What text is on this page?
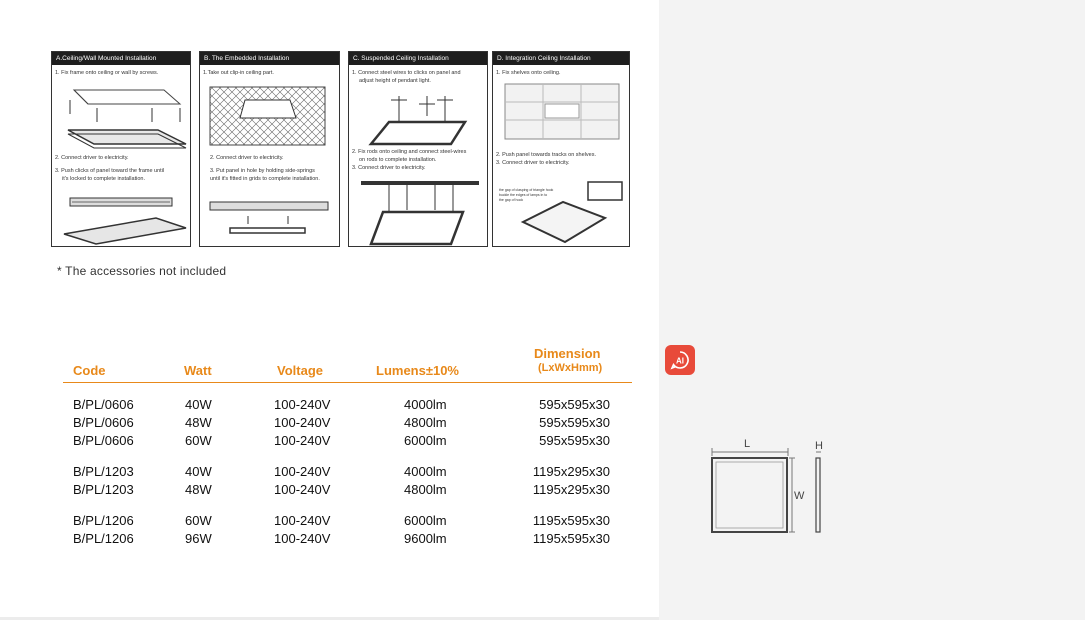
A.Ceiling/Wall Mounted Installation
1. Fix frame onto ceiling or wall by screws.
2. Connect driver to electricity.
3. Push clicks of panel toward the frame until
it's locked to complete installation.
B. The Embedded Installation
1.Take out clip-in ceiling part.
2. Connect driver to electricity.
3. Put panel in hole by holding side-springs
until it's fitted in grids to complete installation.
C. Suspended Ceiling Installation
1. Connect steel wires to clicks on panel and
adjust height of pendant light.
2. Fix rods onto ceiling and connect steel-wires
on rods to complete installation.
3. Connect driver to electricity.
D. Integration Ceiling Installation
1. Fix shelves onto ceiling.
2. Push panel towards tracks on shelves.
3. Connect driver to electricity.
the gap of clasping of triangle hook
buckle the edges of lamps in to
the gap of hook
* The accessories not included
Code	Watt	Voltage	Lumens±10%
Dimension
(LxWxHmm)
B/PL/0606	40W	100-240V	4000lm	595x595x30
B/PL/0606	48W	100-240V	4800lm	595x595x30
B/PL/0606	60W	100-240V	6000lm	595x595x30
B/PL/1203	40W	100-240V	4000lm	1195x295x30
B/PL/1203	48W	100-240V	4800lm	1195x295x30
B/PL/1206	60W	100-240V	6000lm	1195x595x30
B/PL/1206	96W	100-240V	9600lm	1195x595x30
AI
L
W
H
